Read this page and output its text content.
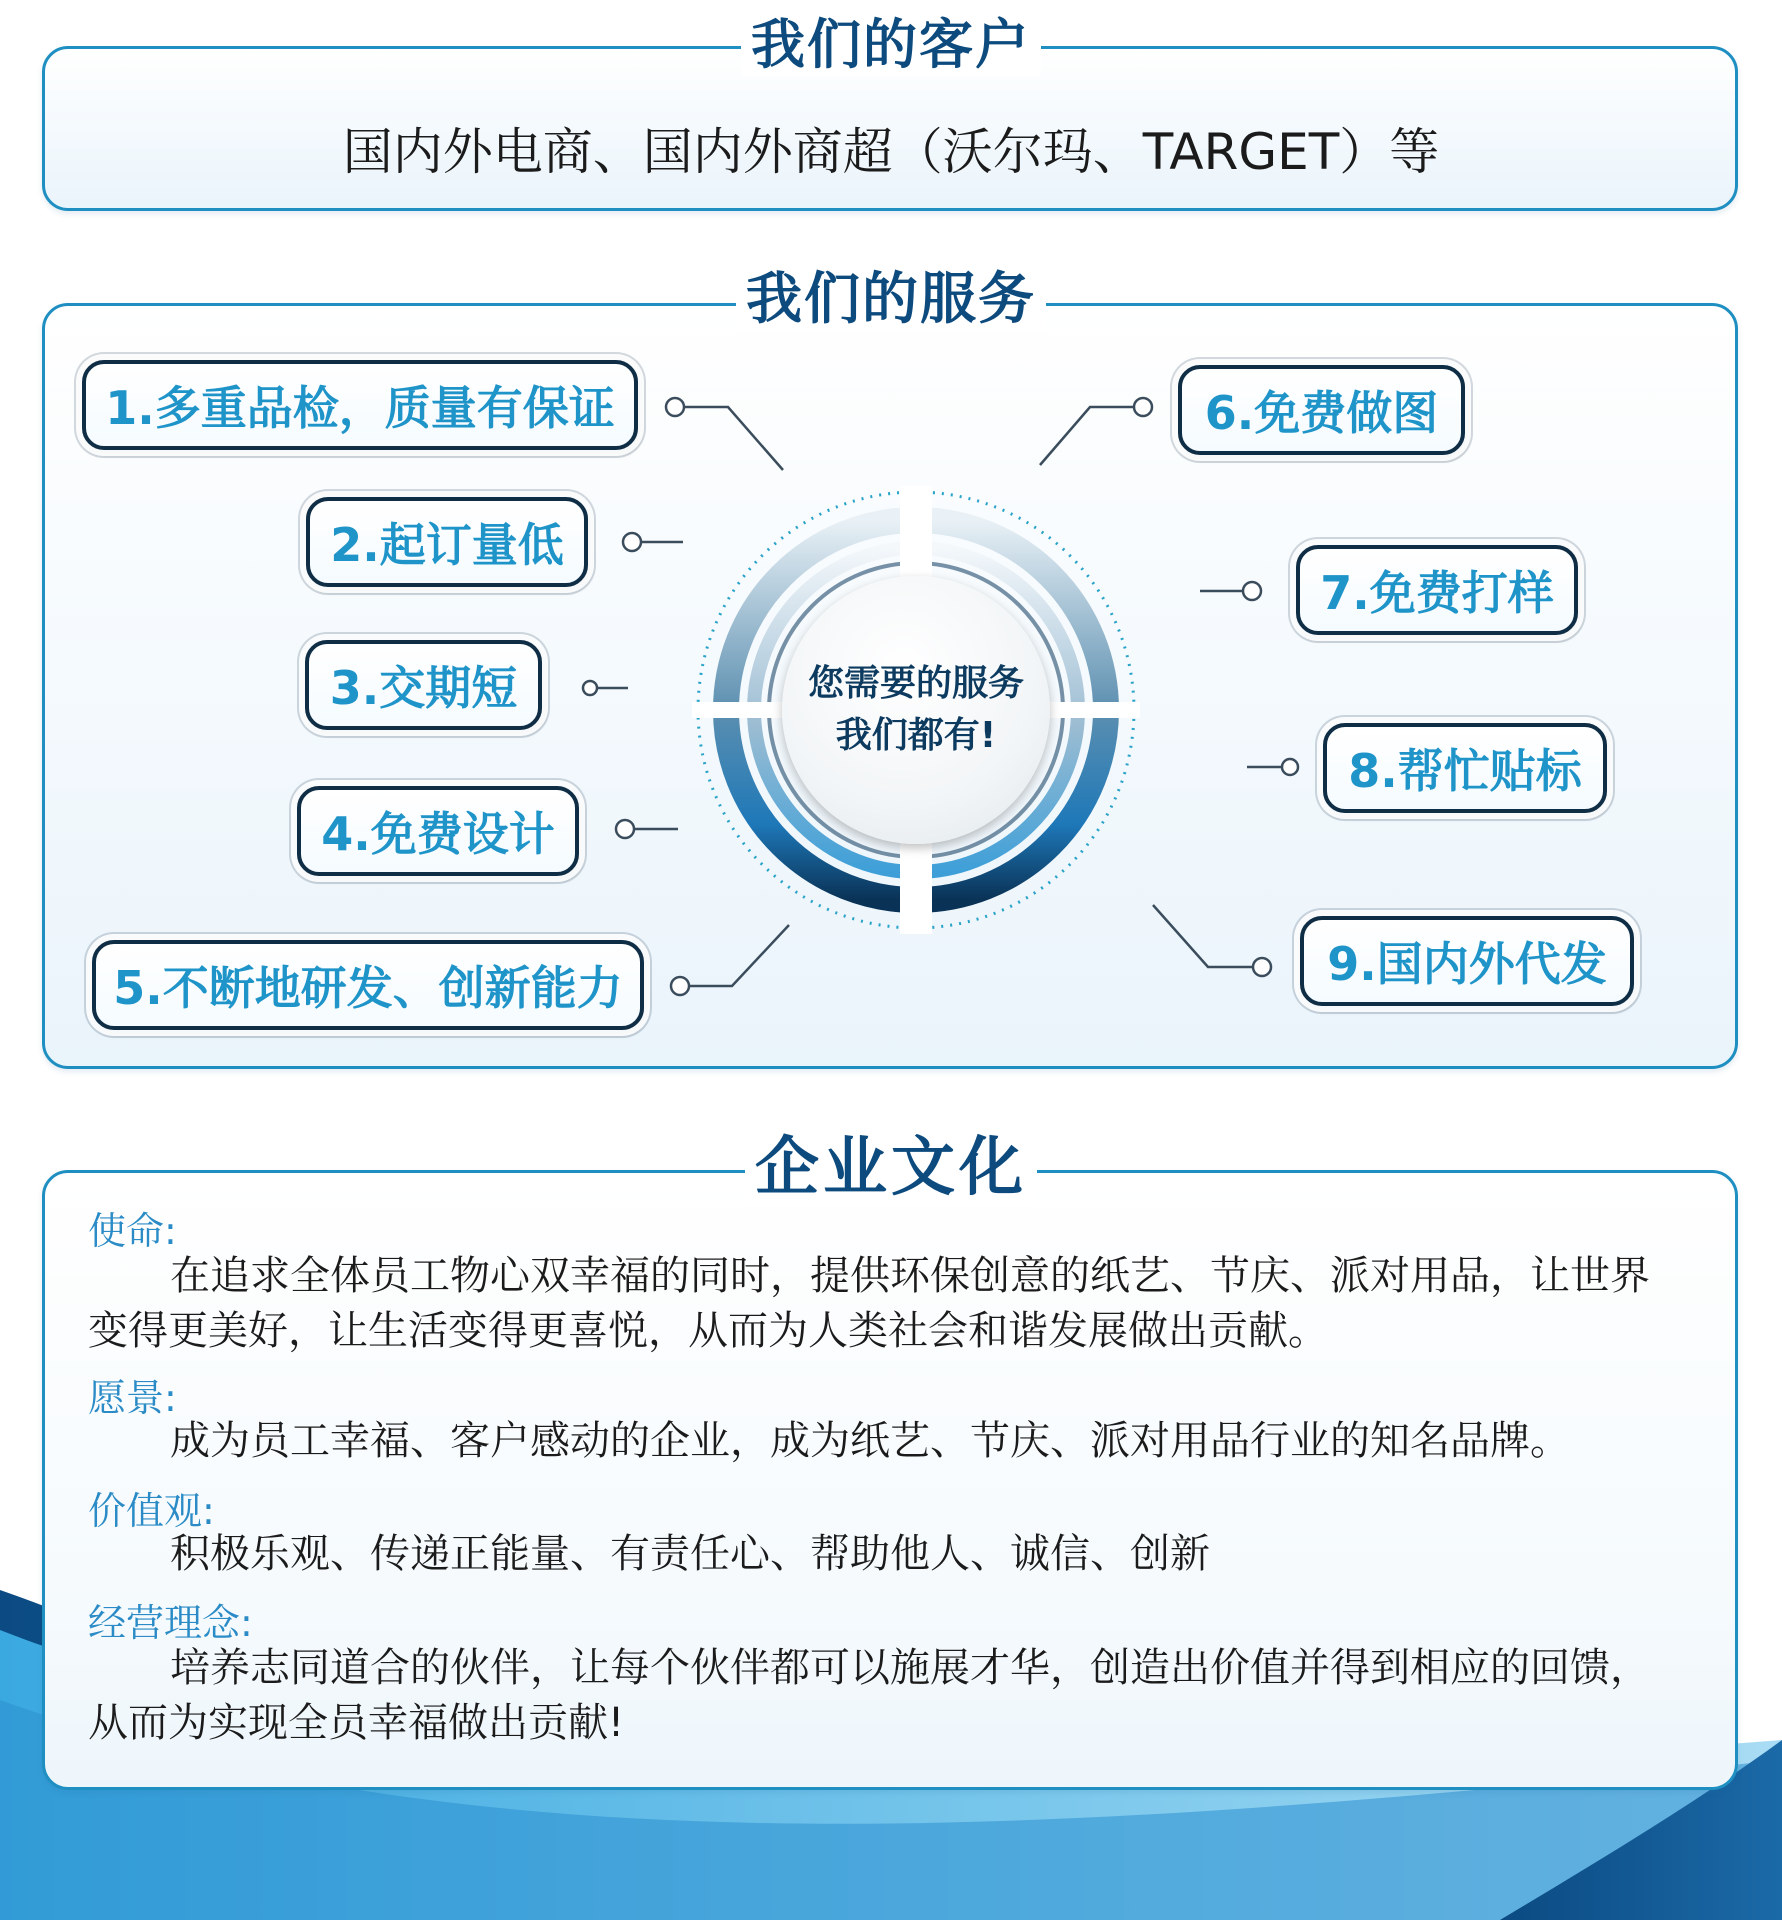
我们的客户
国内外电商、国内外商超（沃尔玛、TARGET）等
我们的服务
您需要的服务
我们都有!
1.多重品检，质量有保证
2.起订量低
3.交期短
4.免费设计
5.不断地研发、创新能力
6.免费做图
7.免费打样
8.帮忙贴标
9.国内外代发
企业文化
使命:

在追求全体员工物心双幸福的同时，提供环保创意的纸艺、节庆、派对用品，让世界变得更美好，让生活变得更喜悦，从而为人类社会和谐发展做出贡献。

愿景:

成为员工幸福、客户感动的企业，成为纸艺、节庆、派对用品行业的知名品牌。

价值观:

积极乐观、传递正能量、有责任心、帮助他人、诚信、创新

经营理念:

培养志同道合的伙伴，让每个伙伴都可以施展才华，创造出价值并得到相应的回馈，从而为实现全员幸福做出贡献!
